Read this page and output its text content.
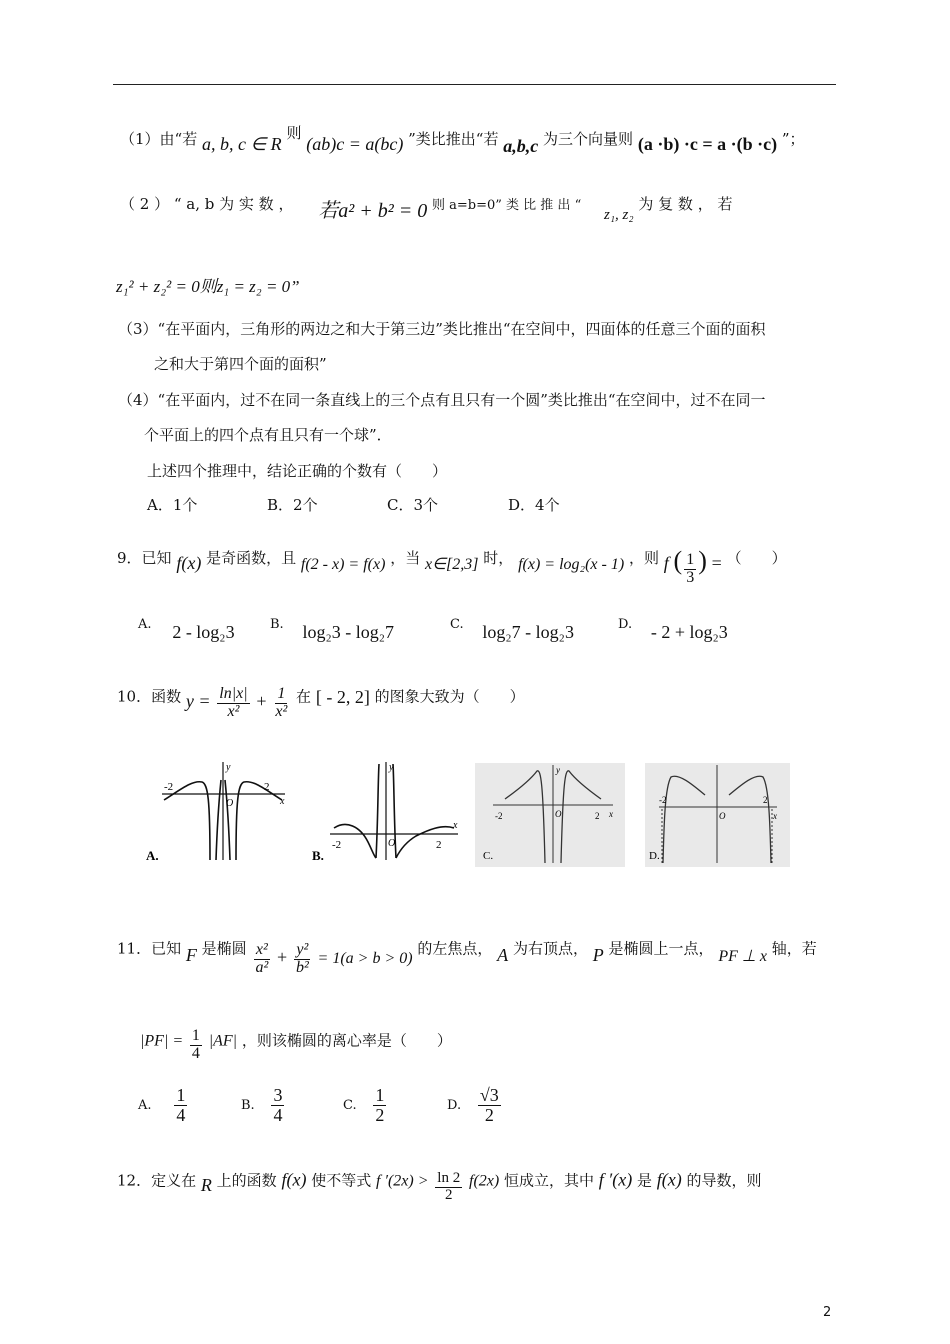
（1）由“若 a, b, c ∈ R 则 (ab)c = a(bc) ”类比推出“若 a,b,c 为三个向量则 (a ·b) ·c = a ·(b ·c) ”；
（ 2 ） “ a, b 为 实 数 ， 若a² + b² = 0 则 a=b=0” 类 比 推 出 “ z₁, z₂ 为 复 数 ， 若
z₁² + z₂² = 0则z₁ = z₂ = 0”
（3）“在平面内，三角形的两边之和大于第三边”类比推出“在空间中，四面体的任意三个面的面积
之和大于第四个面的面积”
（4）“在平面内，过不在同一条直线上的三个点有且只有一个圆”类比推出“在空间中，过不在同一
个平面上的四个点有且只有一个球”．
上述四个推理中，结论正确的个数有（　　）
A．1个	B．2个	C．3个	D．4个
9．已知 f(x) 是奇函数，且 f(2 - x) = f(x) ，当 x∈[2,3] 时， f(x) = log₂(x - 1) ，则 f ( $\frac{1}{3}$ ) = （　　）
A. 2 - log₂3	B. log₂3 - log₂7	C. log₂7 - log₂3	D. - 2 + log₂3
10．函数 $y = \frac{\ln|x|}{\text{x²}} + \frac{1}{\text{x²}}$ 在 [ - 2, 2] 的图象大致为（　　）
-2	2
O	x
y
A.
-2	2
O
x
y
B.
-2	2
O	x
y
C.
-2	2
O	x
D.
11．已知 F 是椭圆 $\frac{\text{x²}}{\text{a²}} + \frac{\text{y²}}{\text{b²}} = 1(a > b > 0)$ 的左焦点， A 为右顶点， P 是椭圆上一点， PF ⊥ x 轴，若
$|PF| = \frac{1}{4} |AF|$ ，则该椭圆的离心率是（　　）
A. $\frac{1}{4}$	B. $\frac{3}{4}$	C. $\frac{1}{2}$	D. $\frac{√3}{2}$
12．定义在 R 上的函数 f(x) 使不等式 f $'(2x) > \frac{\ln 2}{2} f(2x)$ 恒成立，其中 f ′(x) 是 f(x) 的导数，则
2
